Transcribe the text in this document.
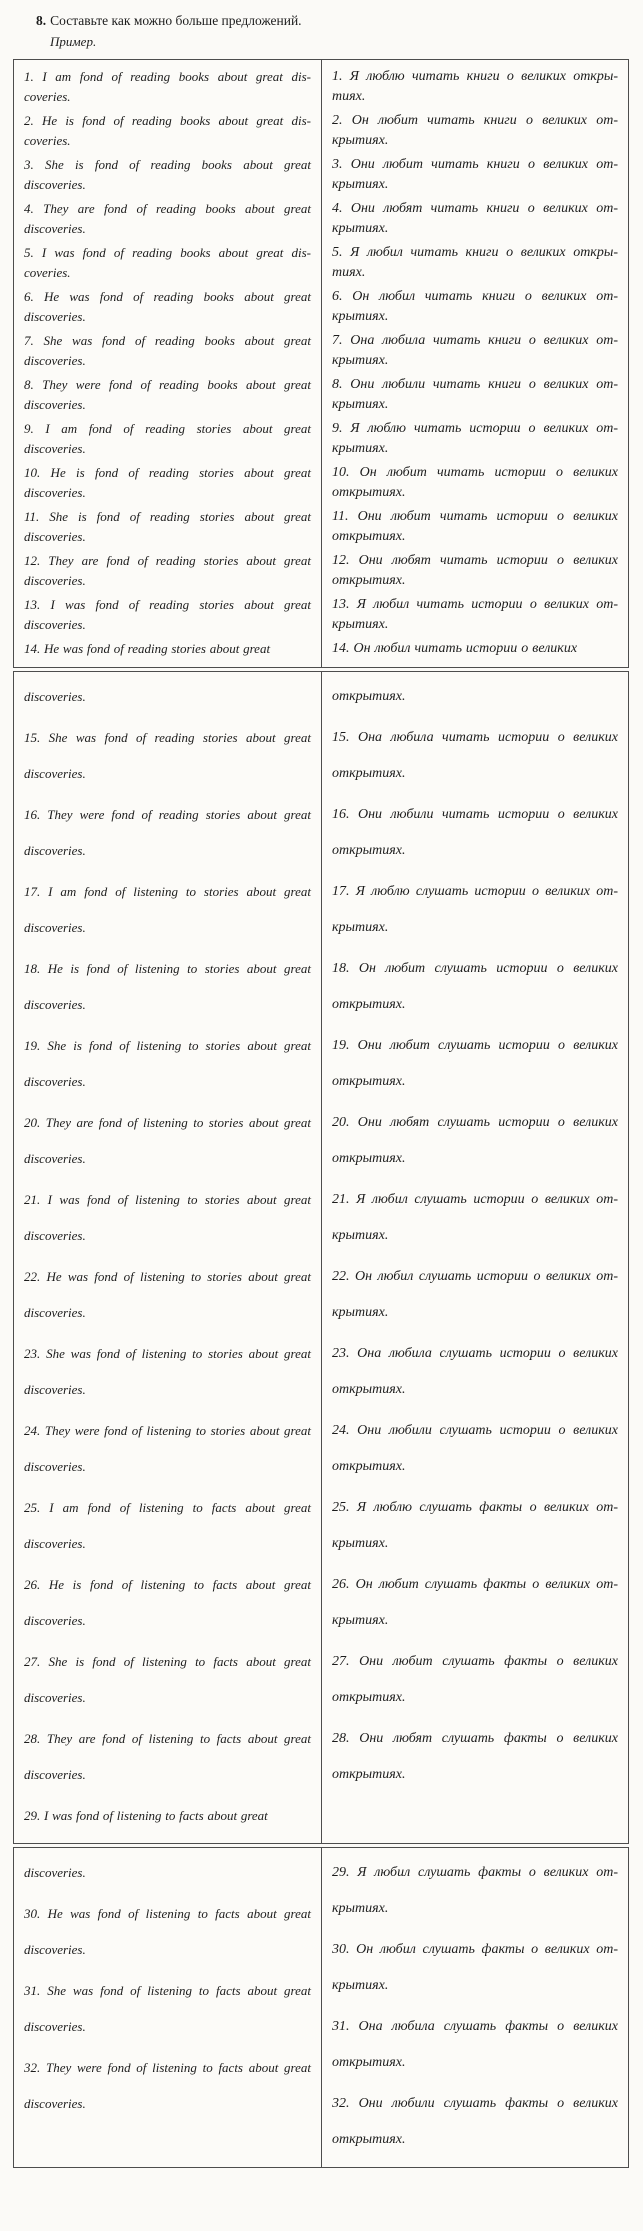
8. Составьте как можно больше предложений.
Пример.

1. I am fond of reading books about great dis-coveries.

2. He is fond of reading books about great dis-coveries.

3. She is fond of reading books about great discoveries.

4. They are fond of reading books about great discoveries.

5. I was fond of reading books about great dis-coveries.

6. He was fond of reading books about great discoveries.

7. She was fond of reading books about great discoveries.

8. They were fond of reading books about great discoveries.

9. I am fond of reading stories about great discoveries.

10. He is fond of reading stories about great discoveries.

11. She is fond of reading stories about great discoveries.

12. They are fond of reading stories about great discoveries.

13. I was fond of reading stories about great discoveries.

14. He was fond of reading stories about great

1. Я люблю читать книги о великих откры-тиях.

2. Он любит читать книги о великих от-крытиях.

3. Они любит читать книги о великих от-крытиях.

4. Они любят читать книги о великих от-крытиях.

5. Я любил читать книги о великих откры-тиях.

6. Он любил читать книги о великих от-крытиях.

7. Она любила читать книги о великих от-крытиях.

8. Они любили читать книги о великих от-крытиях.

9. Я люблю читать истории о великих от-крытиях.

10. Он любит читать истории о великих открытиях.

11. Они любит читать истории о великих открытиях.

12. Они любят читать истории о великих открытиях.

13. Я любил читать истории о великих от-крытиях.

14. Он любил читать истории о великих

discoveries.

15. She was fond of reading stories about great discoveries.

16. They were fond of reading stories about great discoveries.

17. I am fond of listening to stories about great discoveries.

18. He is fond of listening to stories about great discoveries.

19. She is fond of listening to stories about great discoveries.

20. They are fond of listening to stories about great discoveries.

21. I was fond of listening to stories about great discoveries.

22. He was fond of listening to stories about great discoveries.

23. She was fond of listening to stories about great discoveries.

24. They were fond of listening to stories about great discoveries.

25. I am fond of listening to facts about great discoveries.

26. He is fond of listening to facts about great discoveries.

27. She is fond of listening to facts about great discoveries.

28. They are fond of listening to facts about great discoveries.

29. I was fond of listening to facts about great

открытиях.

15. Она любила читать истории о великих открытиях.

16. Они любили читать истории о великих открытиях.

17. Я люблю слушать истории о великих от-крытиях.

18. Он любит слушать истории о великих открытиях.

19. Они любит слушать истории о великих открытиях.

20. Они любят слушать истории о великих открытиях.

21. Я любил слушать истории о великих от-крытиях.

22. Он любил слушать истории о великих от-крытиях.

23. Она любила слушать истории о великих открытиях.

24. Они любили слушать истории о великих открытиях.

25. Я люблю слушать факты о великих от-крытиях.

26. Он любит слушать факты о великих от-крытиях.

27. Они любит слушать факты о великих открытиях.

28. Они любят слушать факты о великих открытиях.

discoveries.

30. He was fond of listening to facts about great discoveries.

31. She was fond of listening to facts about great discoveries.

32. They were fond of listening to facts about great discoveries.

29. Я любил слушать факты о великих от-крытиях.

30. Он любил слушать факты о великих от-крытиях.

31. Она любила слушать факты о великих открытиях.

32. Они любили слушать факты о великих открытиях.
